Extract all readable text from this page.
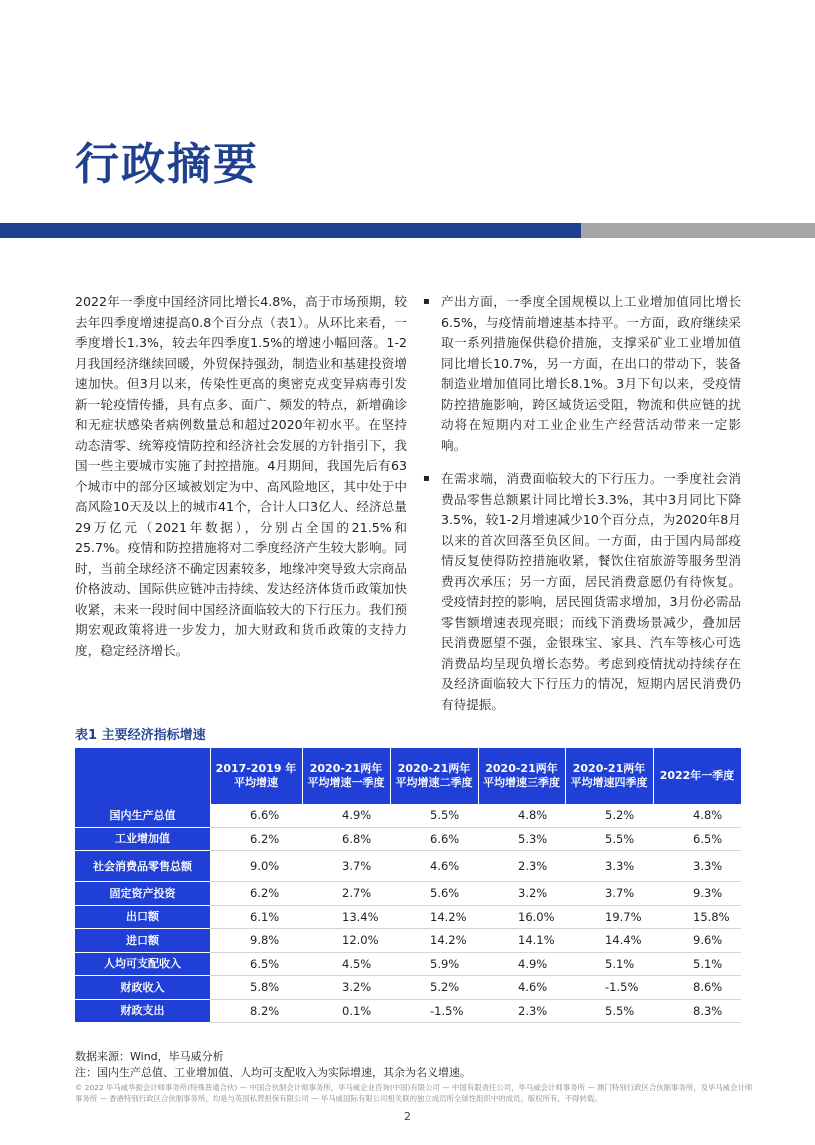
行政摘要
2022年一季度中国经济同比增长4.8%，高于市场预期，较去年四季度增速提高0.8个百分点（表1）。从环比来看，一季度增长1.3%，较去年四季度1.5%的增速小幅回落。1-2月我国经济继续回暖，外贸保持强劲，制造业和基建投资增速加快。但3月以来，传染性更高的奥密克戎变异病毒引发新一轮疫情传播，具有点多、面广、频发的特点，新增确诊和无症状感染者病例数量总和超过2020年初水平。在坚持动态清零、统筹疫情防控和经济社会发展的方针指引下，我国一些主要城市实施了封控措施。4月期间，我国先后有63个城市中的部分区域被划定为中、高风险地区，其中处于中高风险10天及以上的城市41个，合计人口3亿人、经济总量29万亿元（2021年数据），分别占全国的21.5%和25.7%。疫情和防控措施将对二季度经济产生较大影响。同时，当前全球经济不确定因素较多，地缘冲突导致大宗商品价格波动、国际供应链冲击持续、发达经济体货币政策加快收紧，未来一段时间中国经济面临较大的下行压力。我们预期宏观政策将进一步发力，加大财政和货币政策的支持力度，稳定经济增长。
▪ 产出方面，一季度全国规模以上工业增加值同比增长6.5%，与疫情前增速基本持平。一方面，政府继续采取一系列措施保供稳价措施，支撑采矿业工业增加值同比增长10.7%，另一方面，在出口的带动下，装备制造业增加值同比增长8.1%。3月下旬以来，受疫情防控措施影响，跨区域货运受阻，物流和供应链的扰动将在短期内对工业企业生产经营活动带来一定影响。
▪ 在需求端，消费面临较大的下行压力。一季度社会消费品零售总额累计同比增长3.3%，其中3月同比下降3.5%，较1-2月增速减少10个百分点，为2020年8月以来的首次回落至负区间。一方面，由于国内局部疫情反复使得防控措施收紧，餐饮住宿旅游等服务型消费再次承压；另一方面，居民消费意愿仍有待恢复。受疫情封控的影响，居民囤货需求增加，3月份必需品零售额增速表现亮眼；而线下消费场景减少，叠加居民消费愿望不强，金银珠宝、家具、汽车等核心可选消费品均呈现负增长态势。考虑到疫情扰动持续存在及经济面临较大下行压力的情况，短期内居民消费仍有待提振。
表1 主要经济指标增速
	2017-2019 年平均增速	2020-21两年平均增速一季度	2020-21两年平均增速二季度	2020-21两年平均增速三季度	2020-21两年平均增速四季度	2022年一季度
国内生产总值	6.6%	4.9%	5.5%	4.8%	5.2%	4.8%
工业增加值	6.2%	6.8%	6.6%	5.3%	5.5%	6.5%
社会消费品零售总额	9.0%	3.7%	4.6%	2.3%	3.3%	3.3%
固定资产投资	6.2%	2.7%	5.6%	3.2%	3.7%	9.3%
出口额	6.1%	13.4%	14.2%	16.0%	19.7%	15.8%
进口额	9.8%	12.0%	14.2%	14.1%	14.4%	9.6%
人均可支配收入	6.5%	4.5%	5.9%	4.9%	5.1%	5.1%
财政收入	5.8%	3.2%	5.2%	4.6%	-1.5%	8.6%
财政支出	8.2%	0.1%	-1.5%	2.3%	5.5%	8.3%
数据来源：Wind，毕马威分析
注：国内生产总值、工业增加值、人均可支配收入为实际增速，其余为名义增速。
© 2022 毕马威华振会计师事务所(特殊普通合伙) — 中国合伙制会计师事务所，毕马威企业咨询(中国)有限公司 — 中国有限责任公司，毕马威会计师事务所 — 澳门特别行政区合伙制事务所，及毕马威会计师事务所 — 香港特别行政区合伙制事务所，均是与英国私营担保有限公司 — 毕马威国际有限公司相关联的独立成员所全球性组织中的成员。版权所有，不得转载。
2
